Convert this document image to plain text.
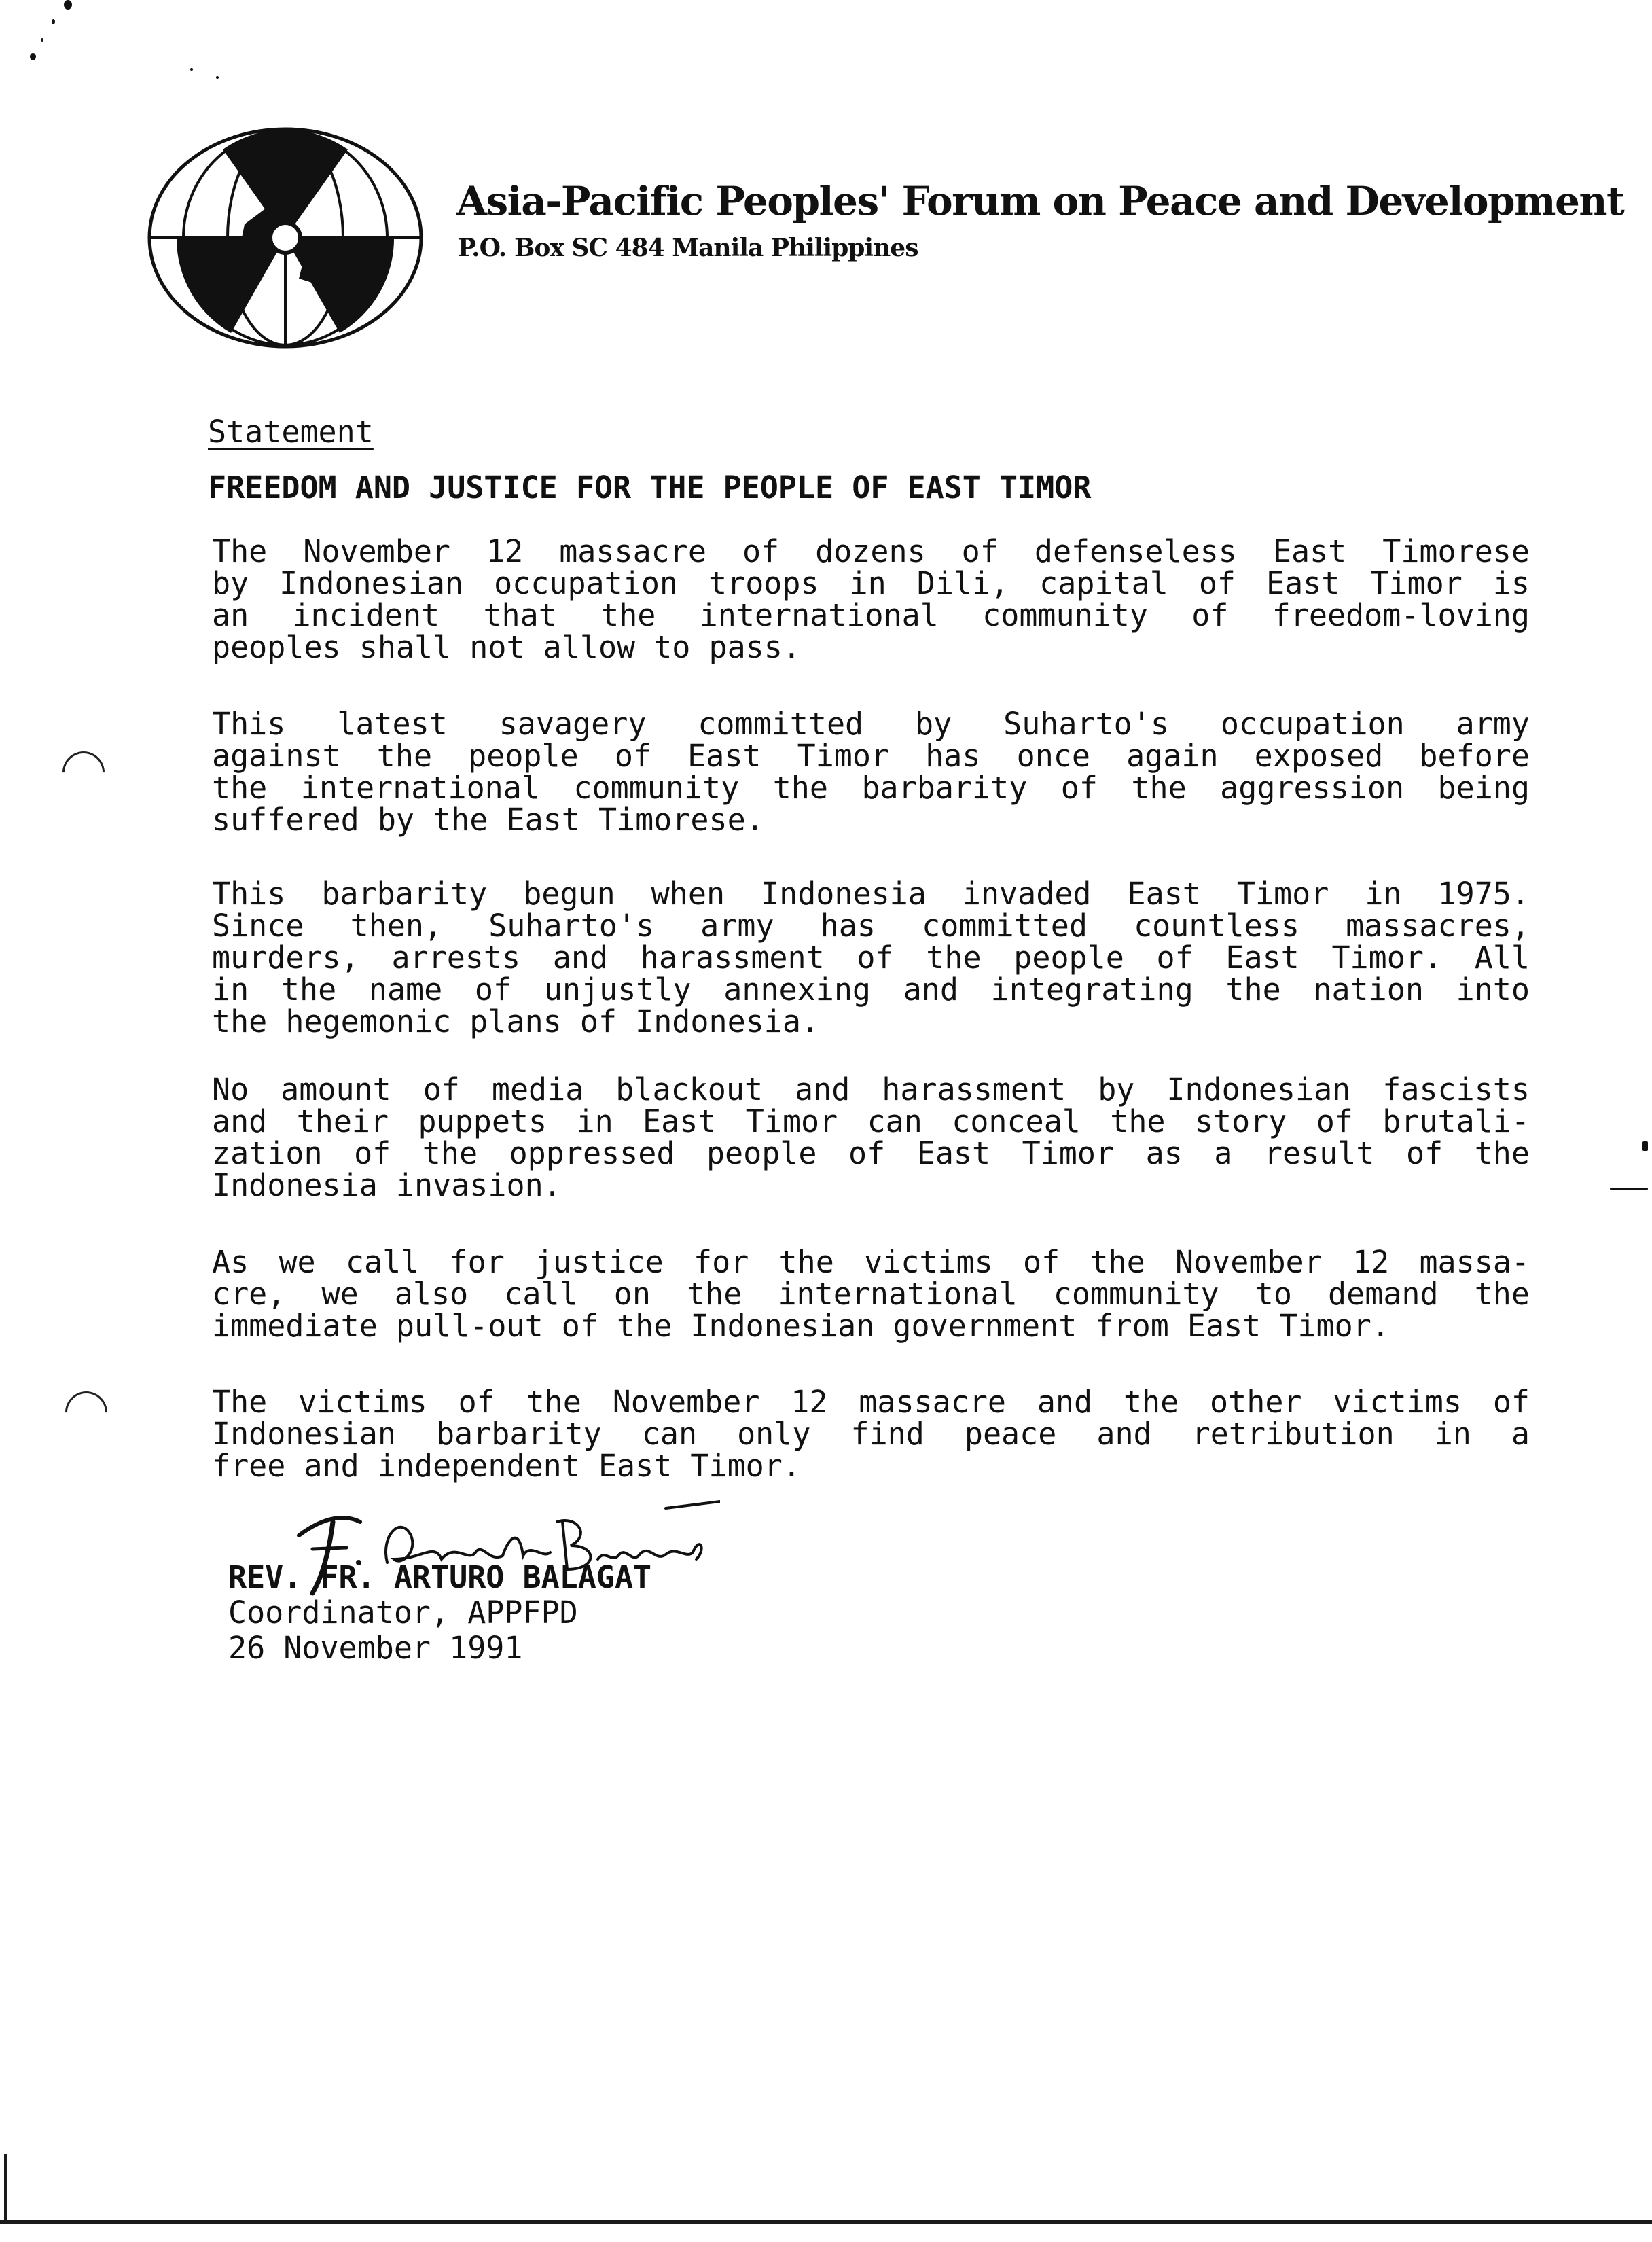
Asia-Pacific Peoples' Forum on Peace and Development
P.O. Box SC 484 Manila Philippines
Statement
FREEDOM AND JUSTICE FOR THE PEOPLE OF EAST TIMOR
The November 12 massacre of dozens of defenseless East Timorese
by Indonesian occupation troops in Dili, capital of East Timor is
an incident that the international community of freedom-loving
peoples shall not allow to pass.
This latest savagery committed by Suharto's occupation army
against the people of East Timor has once again exposed before
the international community the barbarity of the aggression being
suffered by the East Timorese.
This barbarity begun when Indonesia invaded East Timor in 1975.
Since then, Suharto's army has committed countless massacres,
murders, arrests and harassment of the people of East Timor. All
in the name of unjustly annexing and integrating the nation into
the hegemonic plans of Indonesia.
No amount of media blackout and harassment by Indonesian fascists
and their puppets in East Timor can conceal the story of brutali-
zation of the oppressed people of East Timor as a result of the
Indonesia invasion.
As we call for justice for the victims of the November 12 massa-
cre, we also call on the international community to demand the
immediate pull-out of the Indonesian government from East Timor.
The victims of the November 12 massacre and the other victims of
Indonesian barbarity can only find peace and retribution in a
free and independent East Timor.
REV. FR. ARTURO BALAGAT
Coordinator, APPFPD
26 November 1991
